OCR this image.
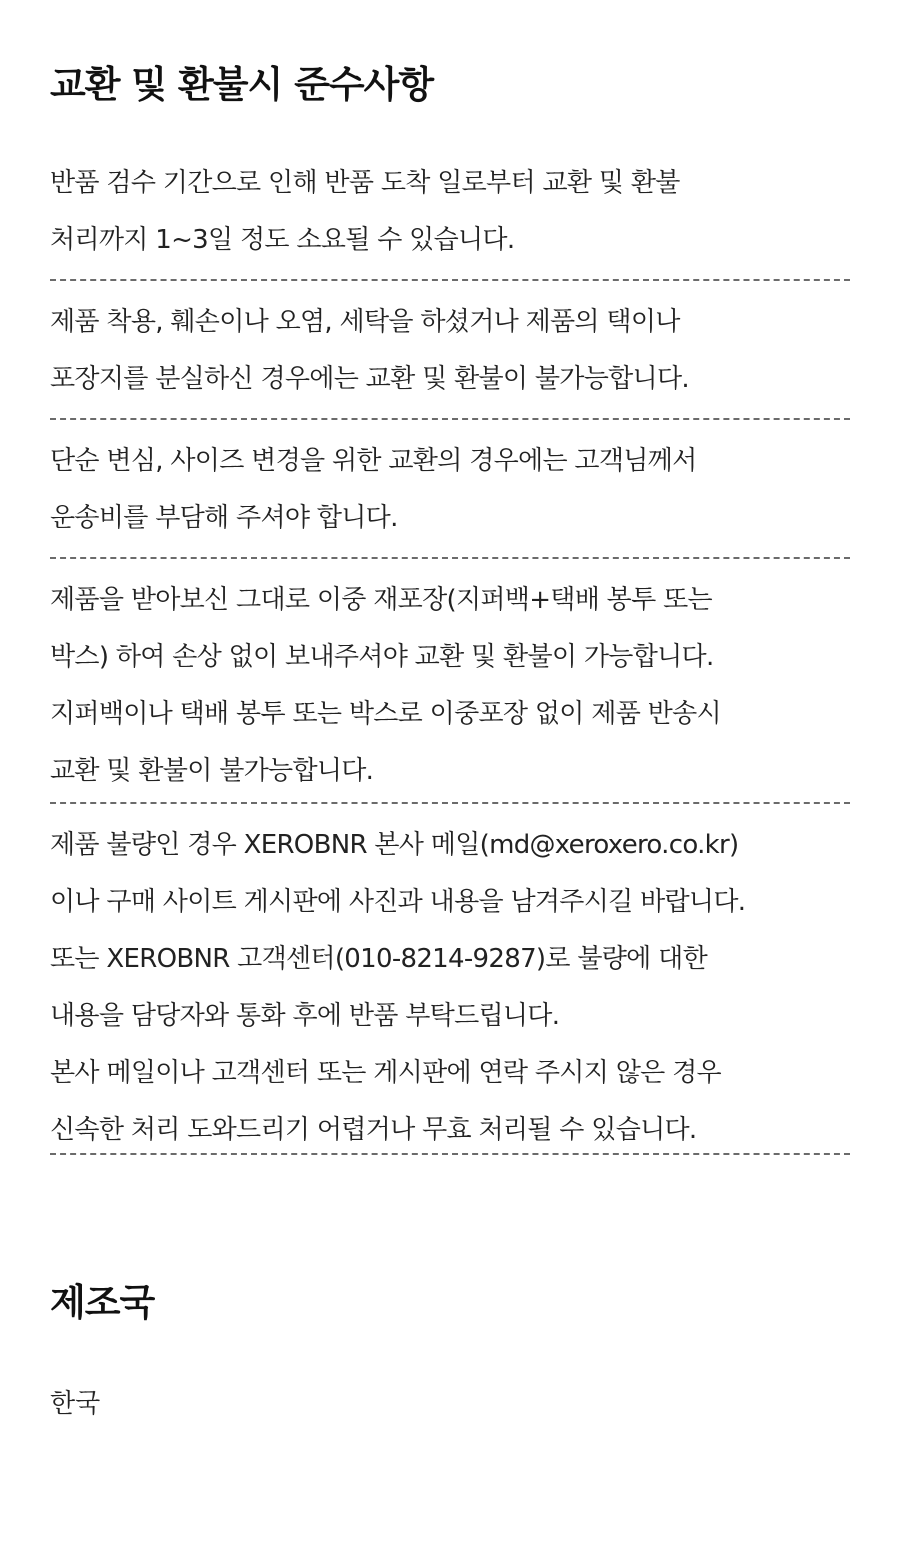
교환 및 환불시 준수사항
반품 검수 기간으로 인해 반품 도착 일로부터 교환 및 환불
처리까지 1~3일 정도 소요될 수 있습니다.
제품 착용, 훼손이나 오염, 세탁을 하셨거나 제품의 택이나
포장지를 분실하신 경우에는 교환 및 환불이 불가능합니다.
단순 변심, 사이즈 변경을 위한 교환의 경우에는 고객님께서
운송비를 부담해 주셔야 합니다.
제품을 받아보신 그대로 이중 재포장(지퍼백+택배 봉투 또는
박스) 하여 손상 없이 보내주셔야 교환 및 환불이 가능합니다.
지퍼백이나 택배 봉투 또는 박스로 이중포장 없이 제품 반송시
교환 및 환불이 불가능합니다.
제품 불량인 경우 XEROBNR 본사 메일(md@xeroxero.co.kr)
이나 구매 사이트 게시판에 사진과 내용을 남겨주시길 바랍니다.
또는 XEROBNR 고객센터(010-8214-9287)로 불량에 대한
내용을 담당자와 통화 후에 반품 부탁드립니다.
본사 메일이나 고객센터 또는 게시판에 연락 주시지 않은 경우
신속한 처리 도와드리기 어렵거나 무효 처리될 수 있습니다.
제조국
한국
